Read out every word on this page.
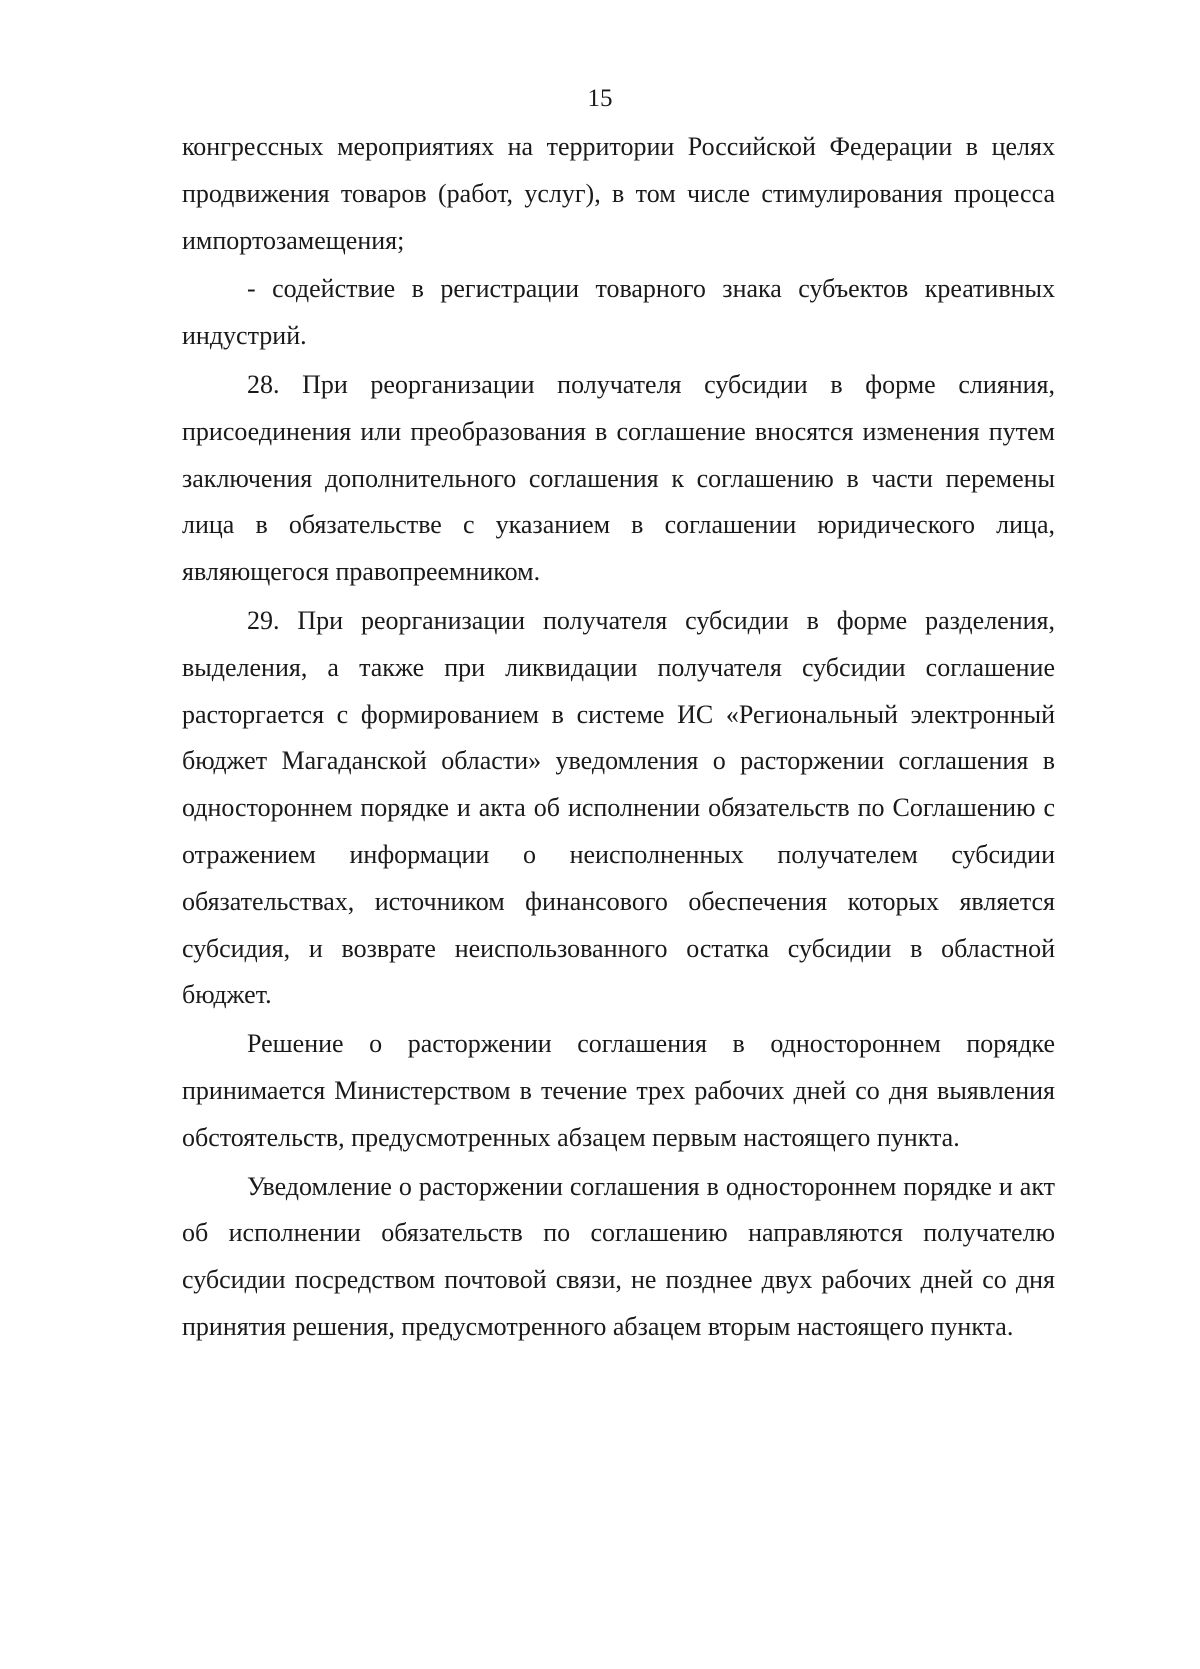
15

конгрессных мероприятиях на территории Российской Федерации в целях продвижения товаров (работ, услуг), в том числе стимулирования процесса импортозамещения;

- содействие в регистрации товарного знака субъектов креативных индустрий.

28. При реорганизации получателя субсидии в форме слияния, присоединения или преобразования в соглашение вносятся изменения путем заключения дополнительного соглашения к соглашению в части перемены лица в обязательстве с указанием в соглашении юридического лица, являющегося правопреемником.

29. При реорганизации получателя субсидии в форме разделения, выделения, а также при ликвидации получателя субсидии соглашение расторгается с формированием в системе ИС «Региональный электронный бюджет Магаданской области» уведомления о расторжении соглашения в одностороннем порядке и акта об исполнении обязательств по Соглашению с отражением информации о неисполненных получателем субсидии обязательствах, источником финансового обеспечения которых является субсидия, и возврате неиспользованного остатка субсидии в областной бюджет.

Решение о расторжении соглашения в одностороннем порядке принимается Министерством в течение трех рабочих дней со дня выявления обстоятельств, предусмотренных абзацем первым настоящего пункта.

Уведомление о расторжении соглашения в одностороннем порядке и акт об исполнении обязательств по соглашению направляются получателю субсидии посредством почтовой связи, не позднее двух рабочих дней со дня принятия решения, предусмотренного абзацем вторым настоящего пункта.
